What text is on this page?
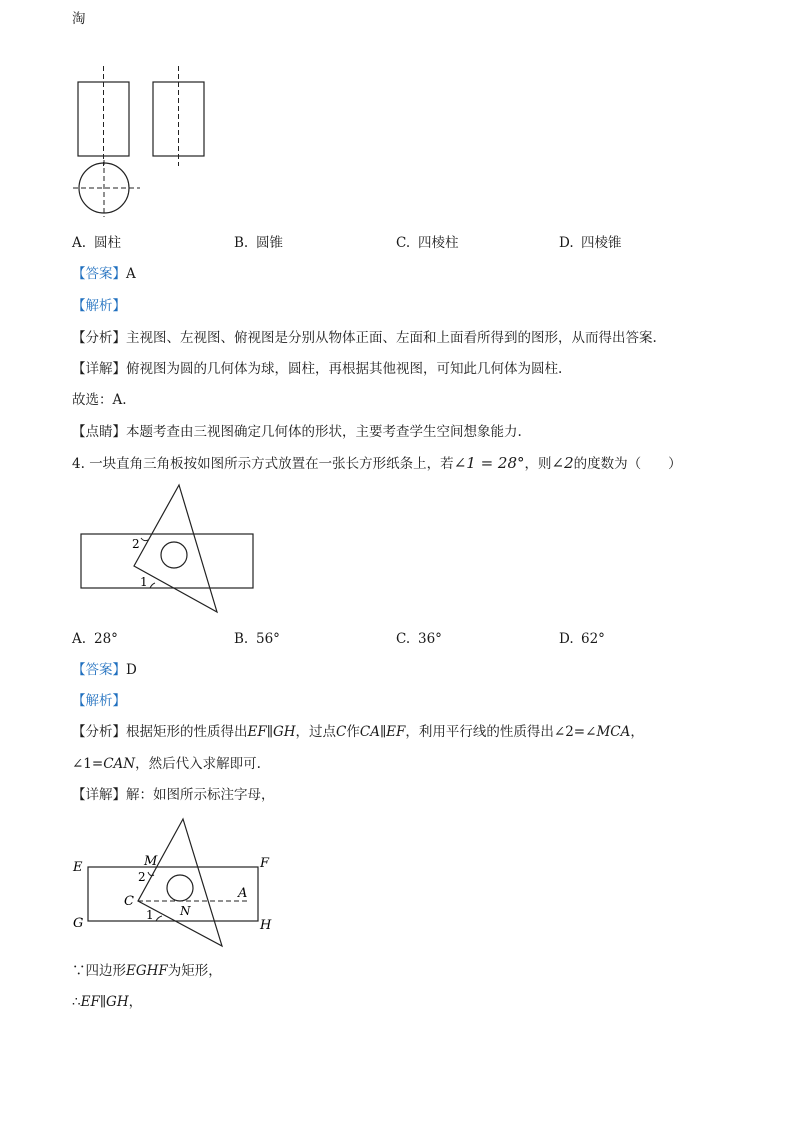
淘
A. 圆柱	B. 圆锥	C. 四棱柱	D. 四棱锥
【答案】A
【解析】
【分析】主视图、左视图、俯视图是分别从物体正面、左面和上面看所得到的图形，从而得出答案.
【详解】俯视图为圆的几何体为球，圆柱，再根据其他视图，可知此几何体为圆柱.
故选：A.
【点睛】本题考查由三视图确定几何体的形状，主要考查学生空间想象能力.
4. 一块直角三角板按如图所示方式放置在一张长方形纸条上，若∠1 = 28°，则∠2的度数为（　　）
2
1
A. 28°	B. 56°	C. 36°	D. 62°
【答案】D
【解析】
【分析】根据矩形的性质得出EF∥GH，过点C作CA∥EF，利用平行线的性质得出∠2=∠MCA，
∠1=CAN，然后代入求解即可.
【详解】解：如图所示标注字母，
E	F
G	H
M
C
A
N
2
1
∵四边形EGHF为矩形，
∴EF∥GH，
